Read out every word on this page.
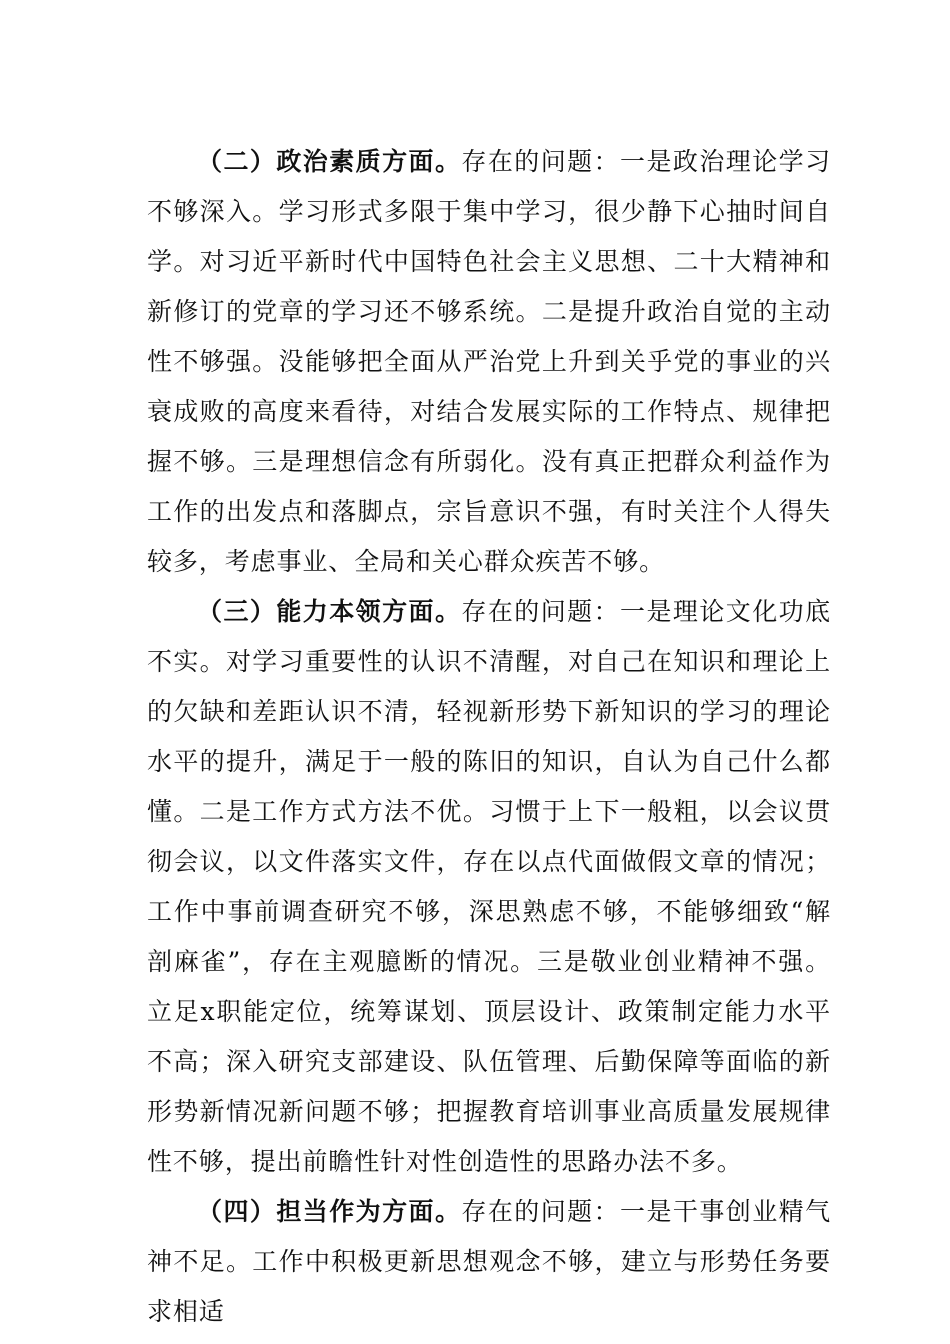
（二）政治素质方面。存在的问题：一是政治理论学习不够深入。学习形式多限于集中学习，很少静下心抽时间自学。对习近平新时代中国特色社会主义思想、二十大精神和新修订的党章的学习还不够系统。二是提升政治自觉的主动性不够强。没能够把全面从严治党上升到关乎党的事业的兴衰成败的高度来看待，对结合发展实际的工作特点、规律把握不够。三是理想信念有所弱化。没有真正把群众利益作为工作的出发点和落脚点，宗旨意识不强，有时关注个人得失较多，考虑事业、全局和关心群众疾苦不够。

（三）能力本领方面。存在的问题：一是理论文化功底不实。对学习重要性的认识不清醒，对自己在知识和理论上的欠缺和差距认识不清，轻视新形势下新知识的学习的理论水平的提升，满足于一般的陈旧的知识，自认为自己什么都懂。二是工作方式方法不优。习惯于上下一般粗，以会议贯彻会议，以文件落实文件，存在以点代面做假文章的情况；工作中事前调查研究不够，深思熟虑不够，不能够细致“解剖麻雀”，存在主观臆断的情况。三是敬业创业精神不强。立足x职能定位，统筹谋划、顶层设计、政策制定能力水平不高；深入研究支部建设、队伍管理、后勤保障等面临的新形势新情况新问题不够；把握教育培训事业高质量发展规律性不够，提出前瞻性针对性创造性的思路办法不多。

（四）担当作为方面。存在的问题：一是干事创业精气神不足。工作中积极更新思想观念不够，建立与形势任务要求相适
